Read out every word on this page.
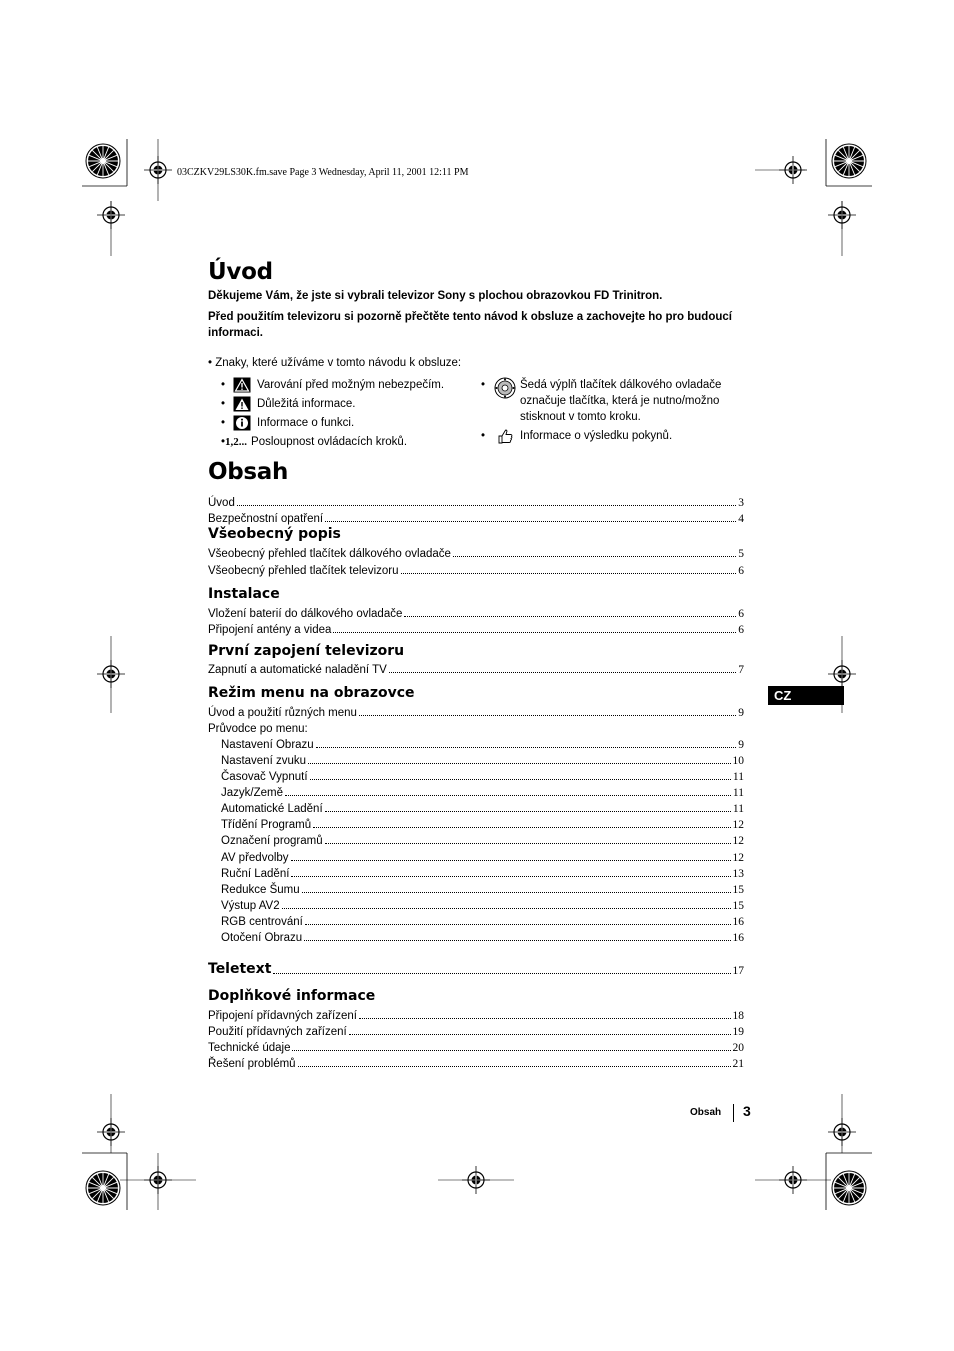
03CZKV29LS30K.fm.save Page 3 Wednesday, April 11, 2001 12:11 PM
Úvod
Děkujeme Vám, že jste si vybrali televizor Sony s plochou obrazovkou FD Trinitron.
Před použitím televizoru si pozorně přečtěte tento návod k obsluze a zachovejte ho pro budoucí informaci.
• Znaky, které užíváme v tomto návodu k obsluze:
•	Varování před možným nebezpečím.
•	Důležitá informace.
•	Informace o funkci.
• 1,2... Posloupnost ovládacích kroků.
•	Šedá výplň tlačítek dálkového ovladače označuje tlačítka, která je nutno/možno stisknout v tomto kroku.
•	Informace o výsledku pokynů.
Obsah
Úvod	3
Bezpečnostní opatření	4
Všeobecný popis
Všeobecný přehled tlačítek dálkového ovladače	5
Všeobecný přehled tlačítek televizoru	6
Instalace
Vložení baterií do dálkového ovladače	6
Připojení antény a videa	6
První zapojení televizoru
Zapnutí a automatické naladění TV	7
Režim menu na obrazovce
Úvod a použití různých menu	9
Průvodce po menu:
Nastavení Obrazu	9
Nastavení zvuku	10
Časovač Vypnutí	11
Jazyk/Země	11
Automatické Ladění	11
Třídění Programů	12
Označení programů	12
AV předvolby	12
Ruční Ladění	13
Redukce Šumu	15
Výstup AV2	15
RGB centrování	16
Otočení Obrazu	16
Teletext	17
Doplňkové informace
Připojení přídavných zařízení	18
Použití přídavných zařízení	19
Technické údaje	20
Řešení problémů	21
CZ
Obsah 3
